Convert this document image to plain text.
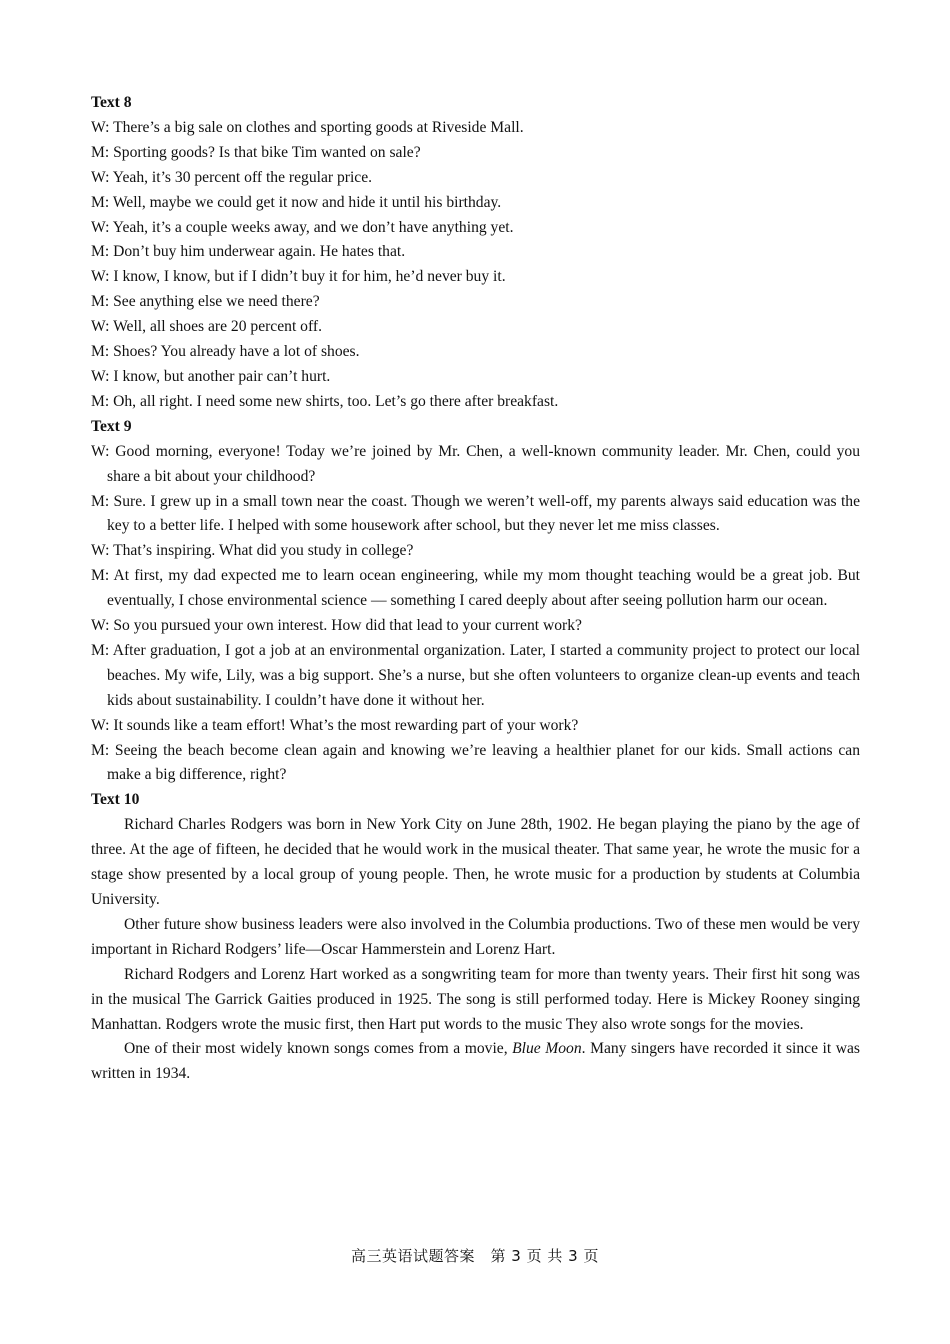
Text 8

W: There’s a big sale on clothes and sporting goods at Riveside Mall.

M: Sporting goods? Is that bike Tim wanted on sale?

W: Yeah, it’s 30 percent off the regular price.

M: Well, maybe we could get it now and hide it until his birthday.

W: Yeah, it’s a couple weeks away, and we don’t have anything yet.

M: Don’t buy him underwear again. He hates that.

W: I know, I know, but if I didn’t buy it for him, he’d never buy it.

M: See anything else we need there?

W: Well, all shoes are 20 percent off.

M: Shoes? You already have a lot of shoes.

W: I know, but another pair can’t hurt.

M: Oh, all right. I need some new shirts, too. Let’s go there after breakfast.

Text 9

W: Good morning, everyone! Today we’re joined by Mr. Chen, a well-known community leader. Mr. Chen, could you share a bit about your childhood?

M: Sure. I grew up in a small town near the coast. Though we weren’t well-off, my parents always said education was the key to a better life. I helped with some housework after school, but they never let me miss classes.

W: That’s inspiring. What did you study in college?

M: At first, my dad expected me to learn ocean engineering, while my mom thought teaching would be a great job. But eventually, I chose environmental science — something I cared deeply about after seeing pollution harm our ocean.

W: So you pursued your own interest. How did that lead to your current work?

M: After graduation, I got a job at an environmental organization. Later, I started a community project to protect our local beaches. My wife, Lily, was a big support. She’s a nurse, but she often volunteers to organize clean-up events and teach kids about sustainability. I couldn’t have done it without her.

W: It sounds like a team effort! What’s the most rewarding part of your work?

M: Seeing the beach become clean again and knowing we’re leaving a healthier planet for our kids. Small actions can make a big difference, right?

Text 10

Richard Charles Rodgers was born in New York City on June 28th, 1902. He began playing the piano by the age of three. At the age of fifteen, he decided that he would work in the musical theater. That same year, he wrote the music for a stage show presented by a local group of young people. Then, he wrote music for a production by students at Columbia University.

Other future show business leaders were also involved in the Columbia productions. Two of these men would be very important in Richard Rodgers’ life—Oscar Hammerstein and Lorenz Hart.

Richard Rodgers and Lorenz Hart worked as a songwriting team for more than twenty years. Their first hit song was in the musical The Garrick Gaities produced in 1925. The song is still performed today. Here is Mickey Rooney singing Manhattan. Rodgers wrote the music first, then Hart put words to the music They also wrote songs for the movies.

One of their most widely known songs comes from a movie, Blue Moon. Many singers have recorded it since it was written in 1934.

高三英语试题答案　第 3 页 共 3 页
